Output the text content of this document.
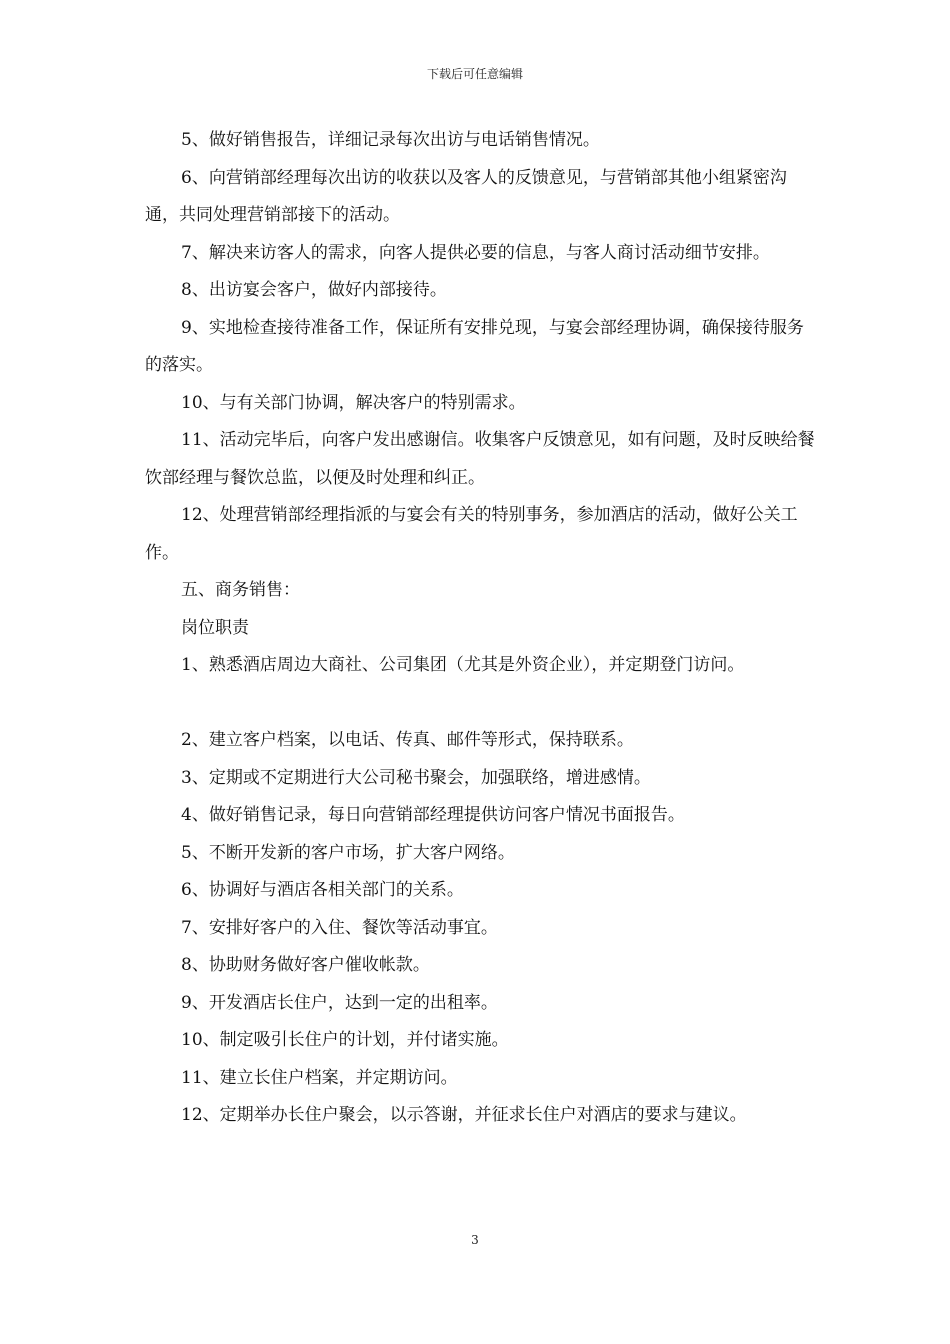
下载后可任意编辑

5、做好销售报告，详细记录每次出访与电话销售情况。

6、向营销部经理每次出访的收获以及客人的反馈意见，与营销部其他小组紧密沟通，共同处理营销部接下的活动。

7、解决来访客人的需求，向客人提供必要的信息，与客人商讨活动细节安排。

8、出访宴会客户，做好内部接待。

9、实地检查接待准备工作，保证所有安排兑现，与宴会部经理协调，确保接待服务的落实。

10、与有关部门协调，解决客户的特别需求。

11、活动完毕后，向客户发出感谢信。收集客户反馈意见，如有问题，及时反映给餐饮部经理与餐饮总监，以便及时处理和纠正。

12、处理营销部经理指派的与宴会有关的特别事务，参加酒店的活动，做好公关工作。

五、商务销售：

岗位职责

1、熟悉酒店周边大商社、公司集团（尤其是外资企业），并定期登门访问。

2、建立客户档案，以电话、传真、邮件等形式，保持联系。

3、定期或不定期进行大公司秘书聚会，加强联络，增进感情。

4、做好销售记录，每日向营销部经理提供访问客户情况书面报告。

5、不断开发新的客户市场，扩大客户网络。

6、协调好与酒店各相关部门的关系。

7、安排好客户的入住、餐饮等活动事宜。

8、协助财务做好客户催收帐款。

9、开发酒店长住户，达到一定的出租率。

10、制定吸引长住户的计划，并付诸实施。

11、建立长住户档案，并定期访问。

12、定期举办长住户聚会，以示答谢，并征求长住户对酒店的要求与建议。

3
